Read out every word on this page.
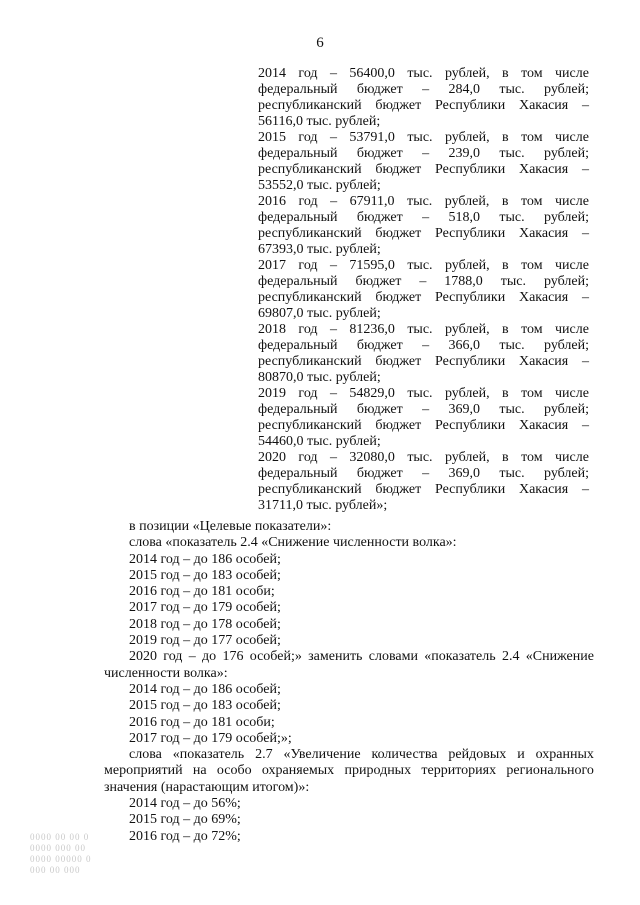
6
2014 год – 56400,0 тыс. рублей, в том числе
федеральный бюджет – 284,0 тыс. рублей;
республиканский бюджет Республики Хакасия –
56116,0 тыс. рублей;
2015 год – 53791,0 тыс. рублей, в том числе
федеральный бюджет – 239,0 тыс. рублей;
республиканский бюджет Республики Хакасия –
53552,0 тыс. рублей;
2016 год – 67911,0 тыс. рублей, в том числе
федеральный бюджет – 518,0 тыс. рублей;
республиканский бюджет Республики Хакасия –
67393,0 тыс. рублей;
2017 год – 71595,0 тыс. рублей, в том числе
федеральный бюджет – 1788,0 тыс. рублей;
республиканский бюджет Республики Хакасия –
69807,0 тыс. рублей;
2018 год – 81236,0 тыс. рублей, в том числе
федеральный бюджет – 366,0 тыс. рублей;
республиканский бюджет Республики Хакасия –
80870,0 тыс. рублей;
2019 год – 54829,0 тыс. рублей, в том числе
федеральный бюджет – 369,0 тыс. рублей;
республиканский бюджет Республики Хакасия –
54460,0 тыс. рублей;
2020 год – 32080,0 тыс. рублей, в том числе
федеральный бюджет – 369,0 тыс. рублей;
республиканский бюджет Республики Хакасия –
31711,0 тыс. рублей»;
в позиции «Целевые показатели»:
слова «показатель 2.4 «Снижение численности волка»:
2014 год – до 186 особей;
2015 год – до 183 особей;
2016 год – до 181 особи;
2017 год – до 179 особей;
2018 год – до 178 особей;
2019 год – до 177 особей;
2020 год – до 176 особей;» заменить словами «показатель 2.4 «Снижение
численности волка»:
2014 год – до 186 особей;
2015 год – до 183 особей;
2016 год – до 181 особи;
2017 год – до 179 особей;»;
слова «показатель 2.7 «Увеличение количества рейдовых и охранных
мероприятий на особо охраняемых природных территориях регионального
значения (нарастающим итогом)»:
2014 год – до 56%;
2015 год – до 69%;
2016 год – до 72%;
0000 00 00 0
0000 000 00
0000 00000 0
000 00 000
